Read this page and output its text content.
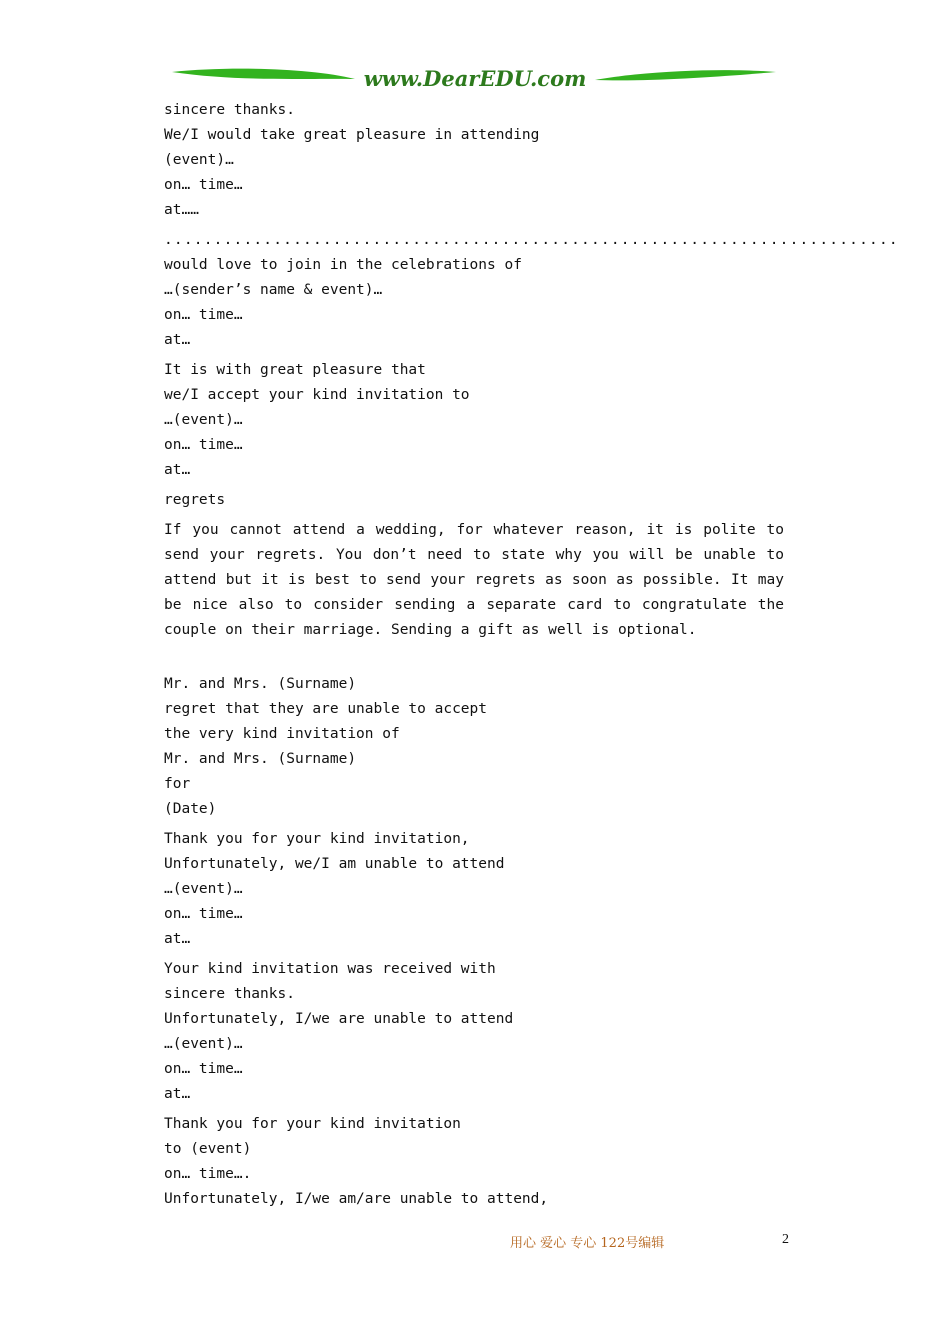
www.DearEDU.com
sincere thanks.
We/I would take great pleasure in attending
(event)…
on… time…
at……
..........................................................................
would love to join in the celebrations of
…(sender’s name & event)…
on… time…
at…
It is with great pleasure that
we/I accept your kind invitation to
…(event)…
on… time…
at…
regrets

If you cannot attend a wedding, for whatever reason, it is polite to send your regrets. You don’t need to state why you will be unable to attend but it is best to send your regrets as soon as possible. It may be nice also to consider sending a separate card to congratulate the couple on their marriage. Sending a gift as well is optional.

Mr. and Mrs. (Surname)
regret that they are unable to accept
the very kind invitation of
Mr. and Mrs. (Surname)
for
(Date)
Thank you for your kind invitation,
Unfortunately, we/I am unable to attend
…(event)…
on… time…
at…
Your kind invitation was received with
sincere thanks.
Unfortunately, I/we are unable to attend
…(event)…
on… time…
at…
Thank you for your kind invitation
to (event)
on… time….
Unfortunately, I/we am/are unable to attend,
用心 爱心 专心 122号编辑	2
